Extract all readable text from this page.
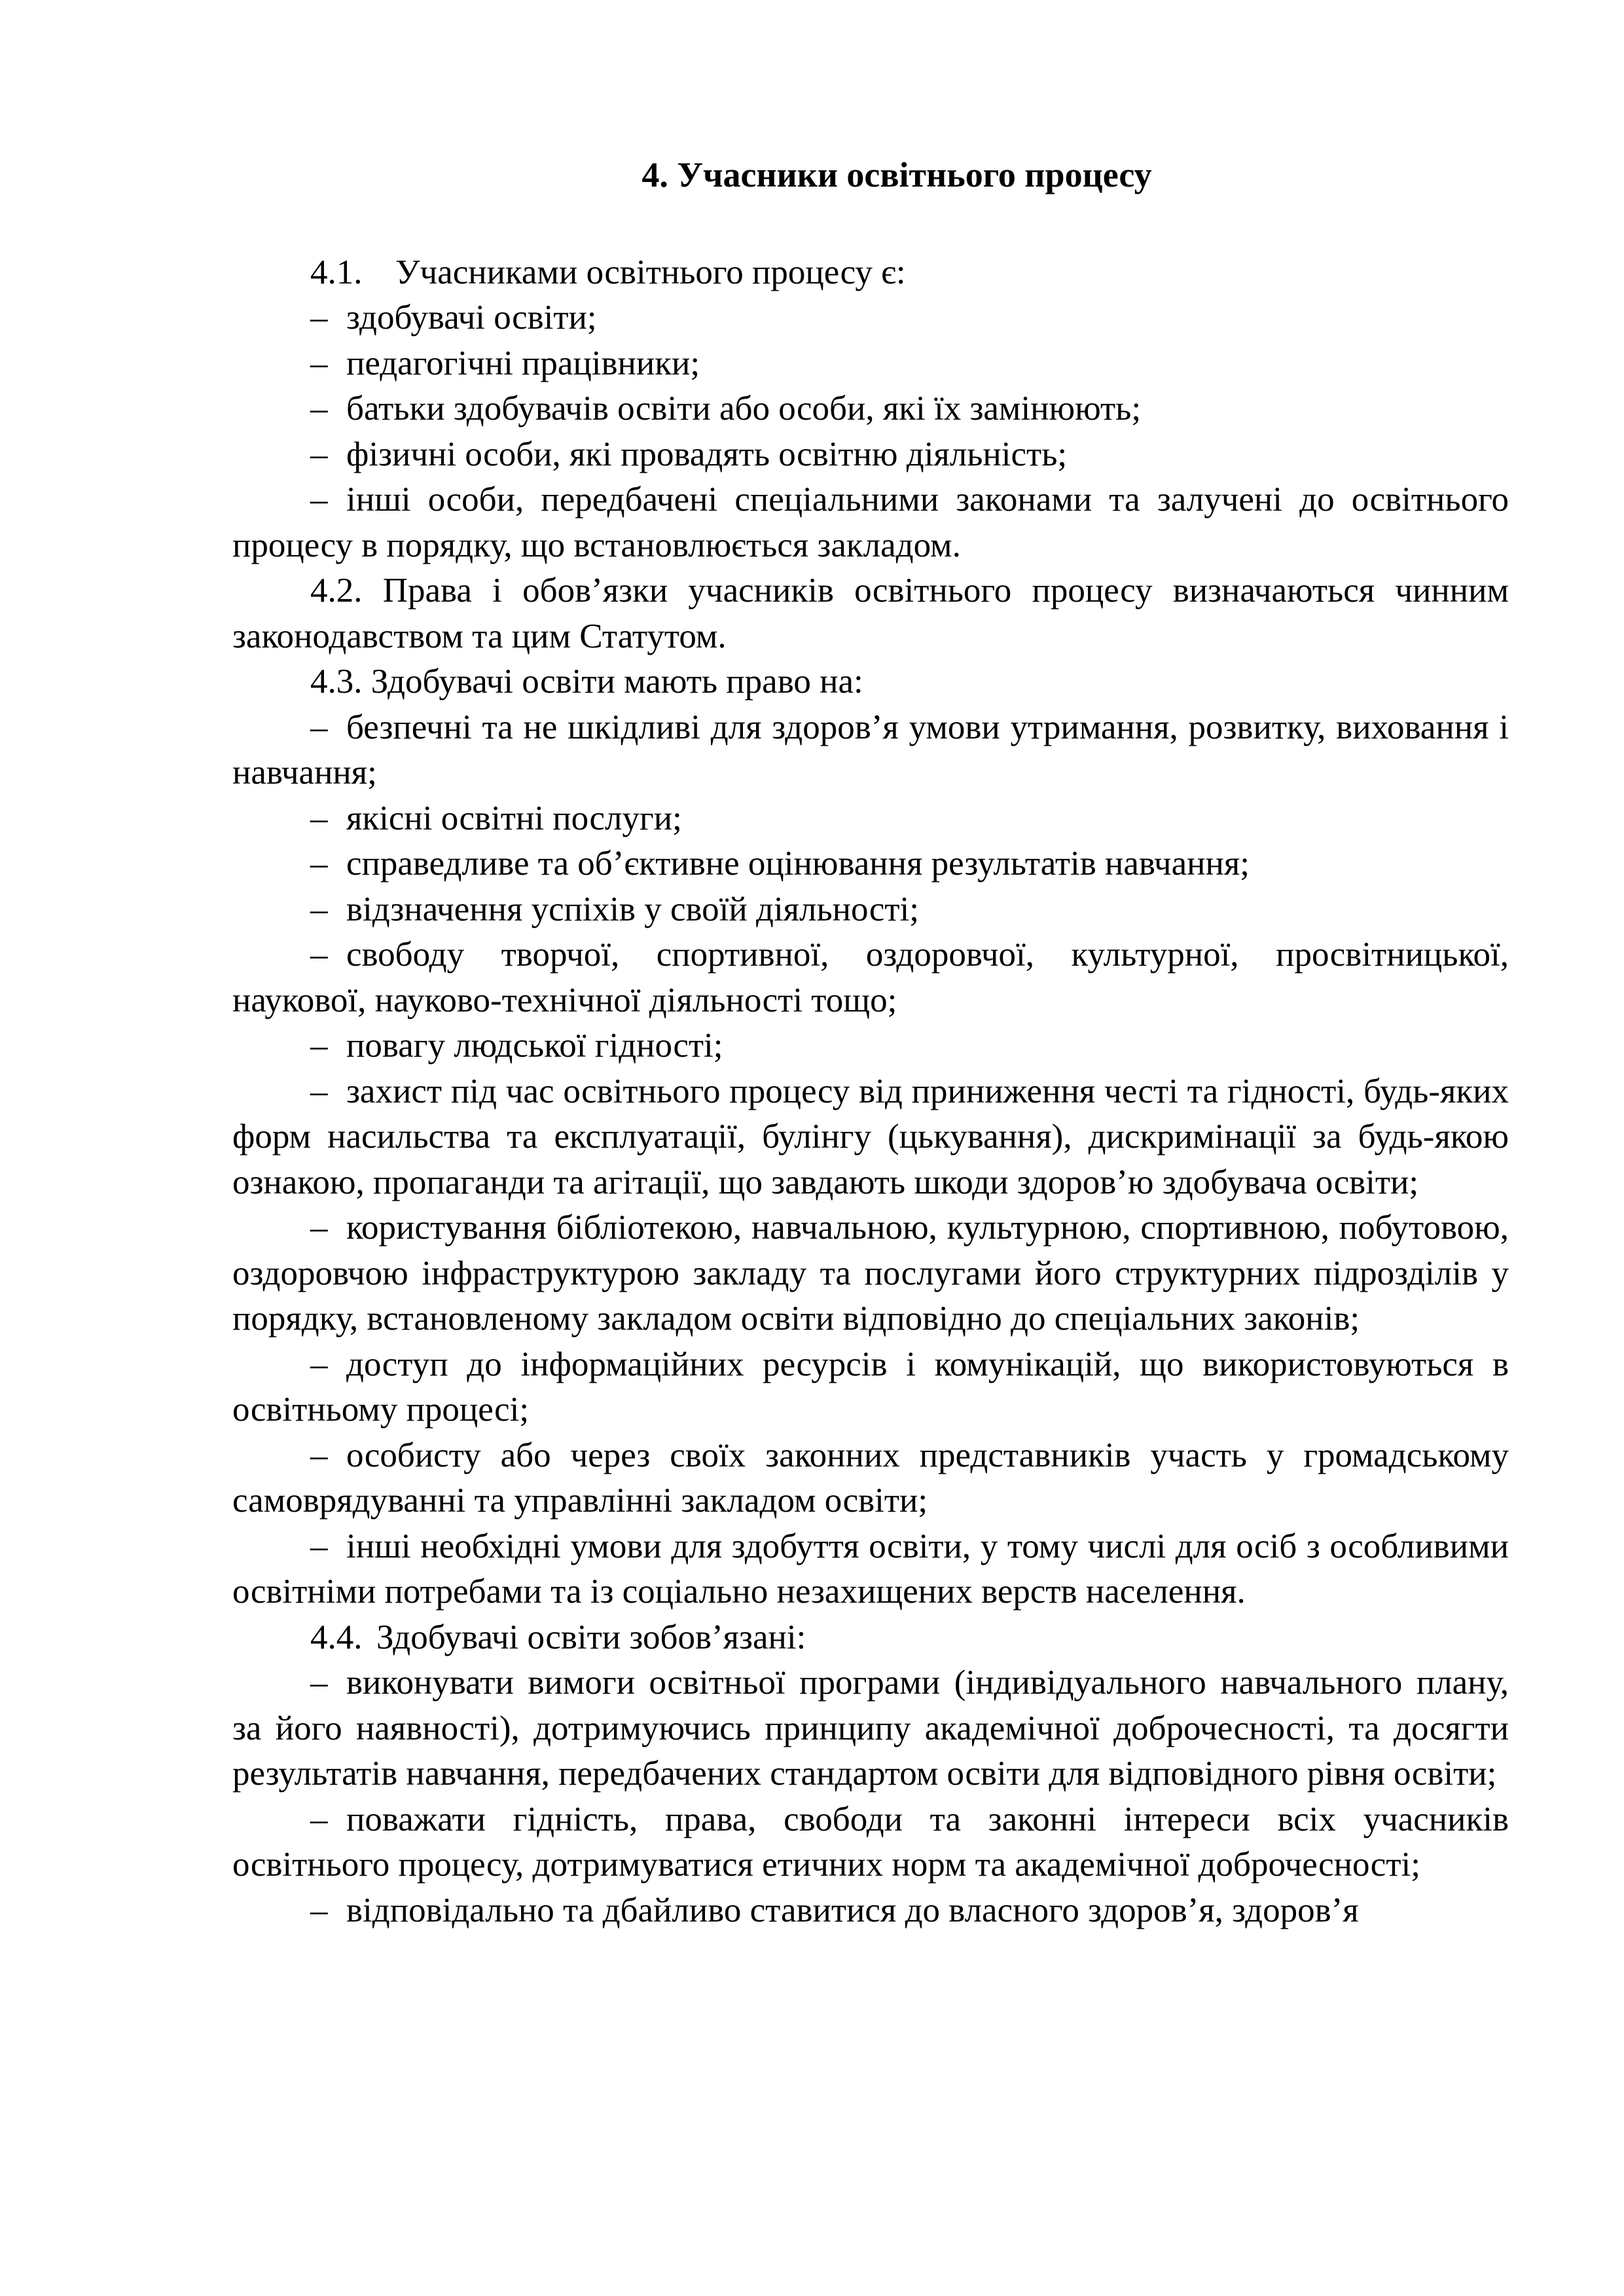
4. Учасники освітнього процесу

4.1. Учасниками освітнього процесу є:

– здобувачі освіти;

– педагогічні працівники;

– батьки здобувачів освіти або особи, які їх замінюють;

– фізичні особи, які провадять освітню діяльність;

– інші особи, передбачені спеціальними законами та залучені до освітнього процесу в порядку, що встановлюється закладом.

4.2. Права і обов’язки учасників освітнього процесу визначаються чинним законодавством та цим Статутом.

4.3. Здобувачі освіти мають право на:

– безпечні та не шкідливі для здоров’я умови утримання, розвитку, виховання і навчання;

– якісні освітні послуги;

– справедливе та об’єктивне оцінювання результатів навчання;

– відзначення успіхів у своїй діяльності;

– свободу творчої, спортивної, оздоровчої, культурної, просвітницької, наукової, науково-технічної діяльності тощо;

– повагу людської гідності;

– захист під час освітнього процесу від приниження честі та гідності, будь-яких форм насильства та експлуатації, булінгу (цькування), дискримінації за будь-якою ознакою, пропаганди та агітації, що завдають шкоди здоров’ю здобувача освіти;

– користування бібліотекою, навчальною, культурною, спортивною, побутовою, оздоровчою інфраструктурою закладу та послугами його структурних підрозділів у порядку, встановленому закладом освіти відповідно до спеціальних законів;

– доступ до інформаційних ресурсів і комунікацій, що використовуються в освітньому процесі;

– особисту або через своїх законних представників участь у громадському самоврядуванні та управлінні закладом освіти;

– інші необхідні умови для здобуття освіти, у тому числі для осіб з особливими освітніми потребами та із соціально незахищених верств населення.

4.4. Здобувачі освіти зобов’язані:

– виконувати вимоги освітньої програми (індивідуального навчального плану, за його наявності), дотримуючись принципу академічної доброчесності, та досягти результатів навчання, передбачених стандартом освіти для відповідного рівня освіти;

– поважати гідність, права, свободи та законні інтереси всіх учасників освітнього процесу, дотримуватися етичних норм та академічної доброчесності;

– відповідально та дбайливо ставитися до власного здоров’я, здоров’я
